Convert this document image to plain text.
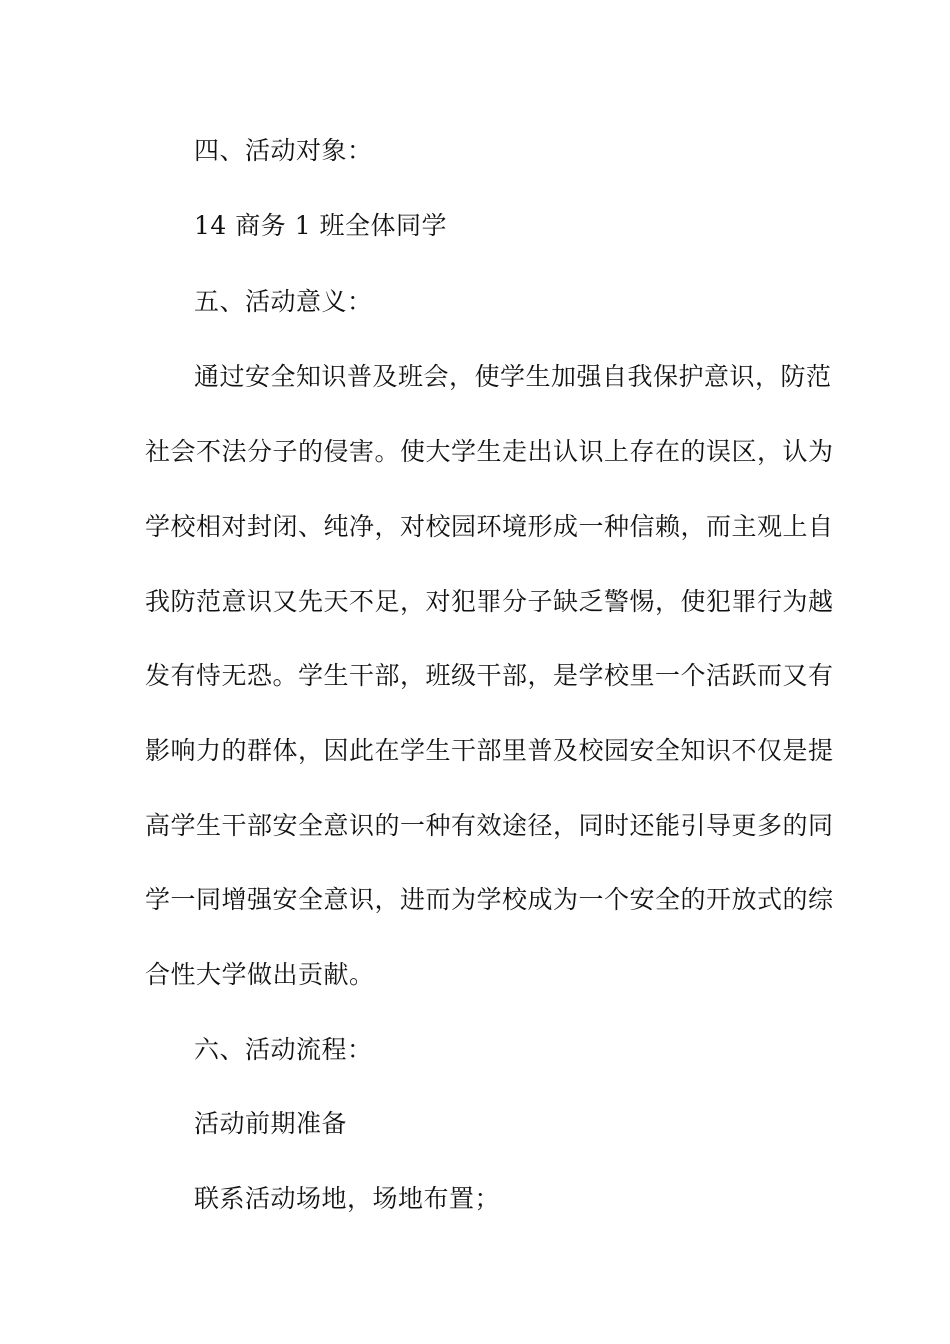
四、活动对象：
14 商务 1 班全体同学
五、活动意义：
通过安全知识普及班会，使学生加强自我保护意识，防范
社会不法分子的侵害。使大学生走出认识上存在的误区，认为
学校相对封闭、纯净，对校园环境形成一种信赖，而主观上自
我防范意识又先天不足，对犯罪分子缺乏警惕，使犯罪行为越
发有恃无恐。学生干部，班级干部，是学校里一个活跃而又有
影响力的群体，因此在学生干部里普及校园安全知识不仅是提
高学生干部安全意识的一种有效途径，同时还能引导更多的同
学一同增强安全意识，进而为学校成为一个安全的开放式的综
合性大学做出贡献。
六、活动流程：
活动前期准备
联系活动场地，场地布置；
